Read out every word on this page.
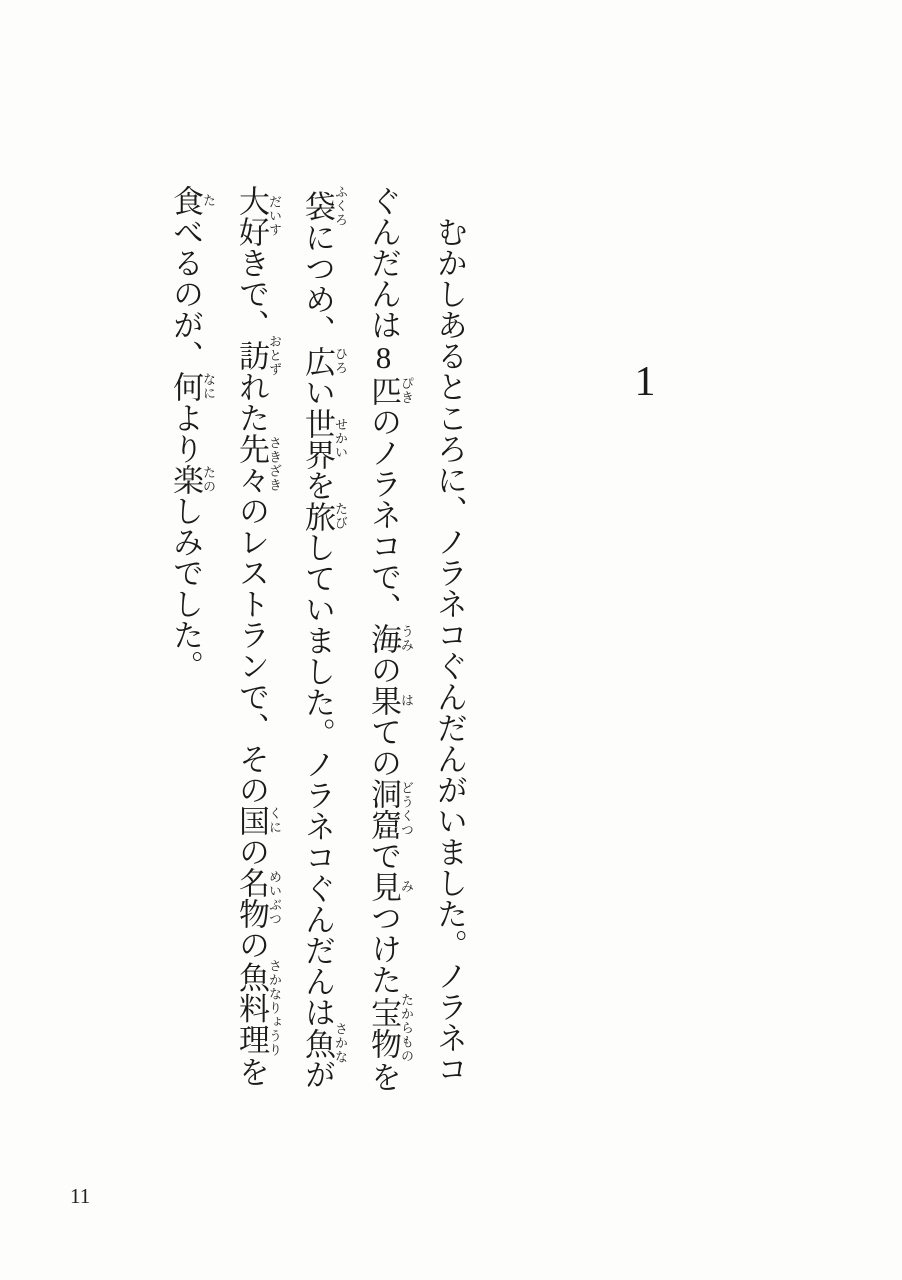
1

むかしあるところに、ノラネコぐんだんがいました。ノラネコ

ぐんだんは8匹ぴきのノラネコで、海うみの果はての洞窟どうくつで見みつけた宝物たからものを

袋ふくろにつめ、広ひろい世界せかいを旅たびしていました。ノラネコぐんだんは魚さかなが

大好だいすきで、訪おとずれた先々さきざきのレストランで、その国くにの名物めいぶつの魚料理さかなりょうりを

食たべるのが、何なにより楽たのしみでした。

11
